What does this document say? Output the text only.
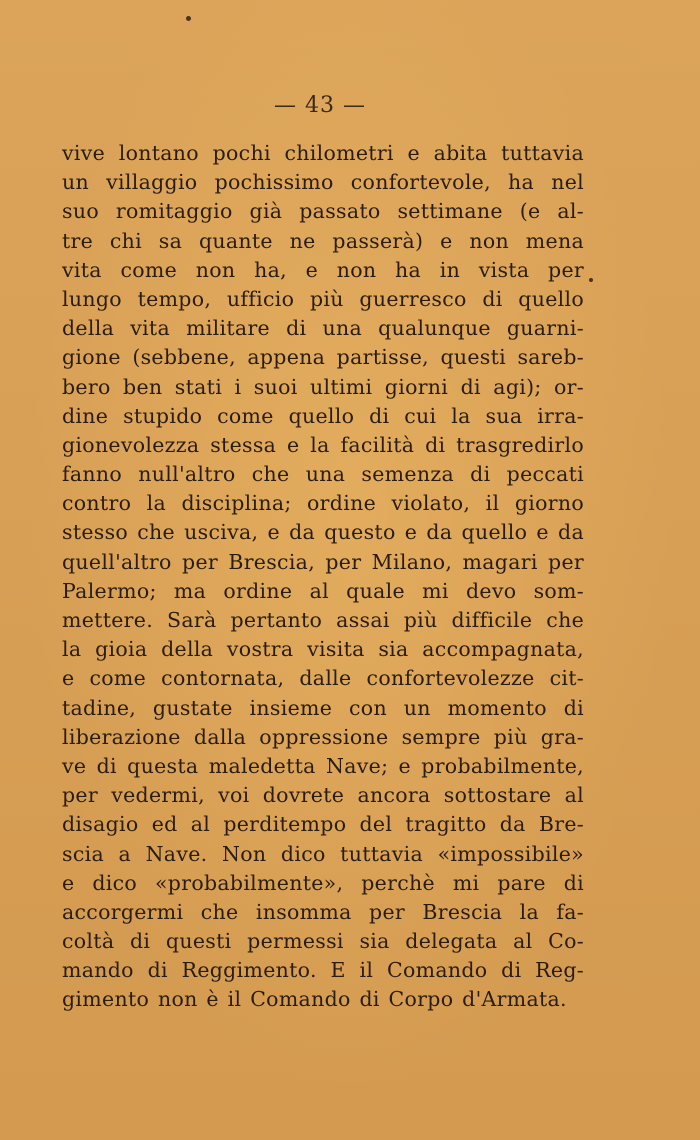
— 43 —
vive lontano pochi chilometri e abita tuttavia
un villaggio pochissimo confortevole, ha nel
suo romitaggio già passato settimane (e al-
tre chi sa quante ne passerà) e non mena
vita come non ha, e non ha in vista per
lungo tempo, ufficio più guerresco di quello
della vita militare di una qualunque guarni-
gione (sebbene, appena partisse, questi sareb-
bero ben stati i suoi ultimi giorni di agi); or-
dine stupido come quello di cui la sua irra-
gionevolezza stessa e la facilità di trasgredirlo
fanno null'altro che una semenza di peccati
contro la disciplina; ordine violato, il giorno
stesso che usciva, e da questo e da quello e da
quell'altro per Brescia, per Milano, magari per
Palermo; ma ordine al quale mi devo som-
mettere. Sarà pertanto assai più difficile che
la gioia della vostra visita sia accompagnata,
e come contornata, dalle confortevolezze cit-
tadine, gustate insieme con un momento di
liberazione dalla oppressione sempre più gra-
ve di questa maledetta Nave; e probabilmente,
per vedermi, voi dovrete ancora sottostare al
disagio ed al perditempo del tragitto da Bre-
scia a Nave. Non dico tuttavia «impossibile»
e dico «probabilmente», perchè mi pare di
accorgermi che insomma per Brescia la fa-
coltà di questi permessi sia delegata al Co-
mando di Reggimento. E il Comando di Reg-
gimento non è il Comando di Corpo d'Armata.
